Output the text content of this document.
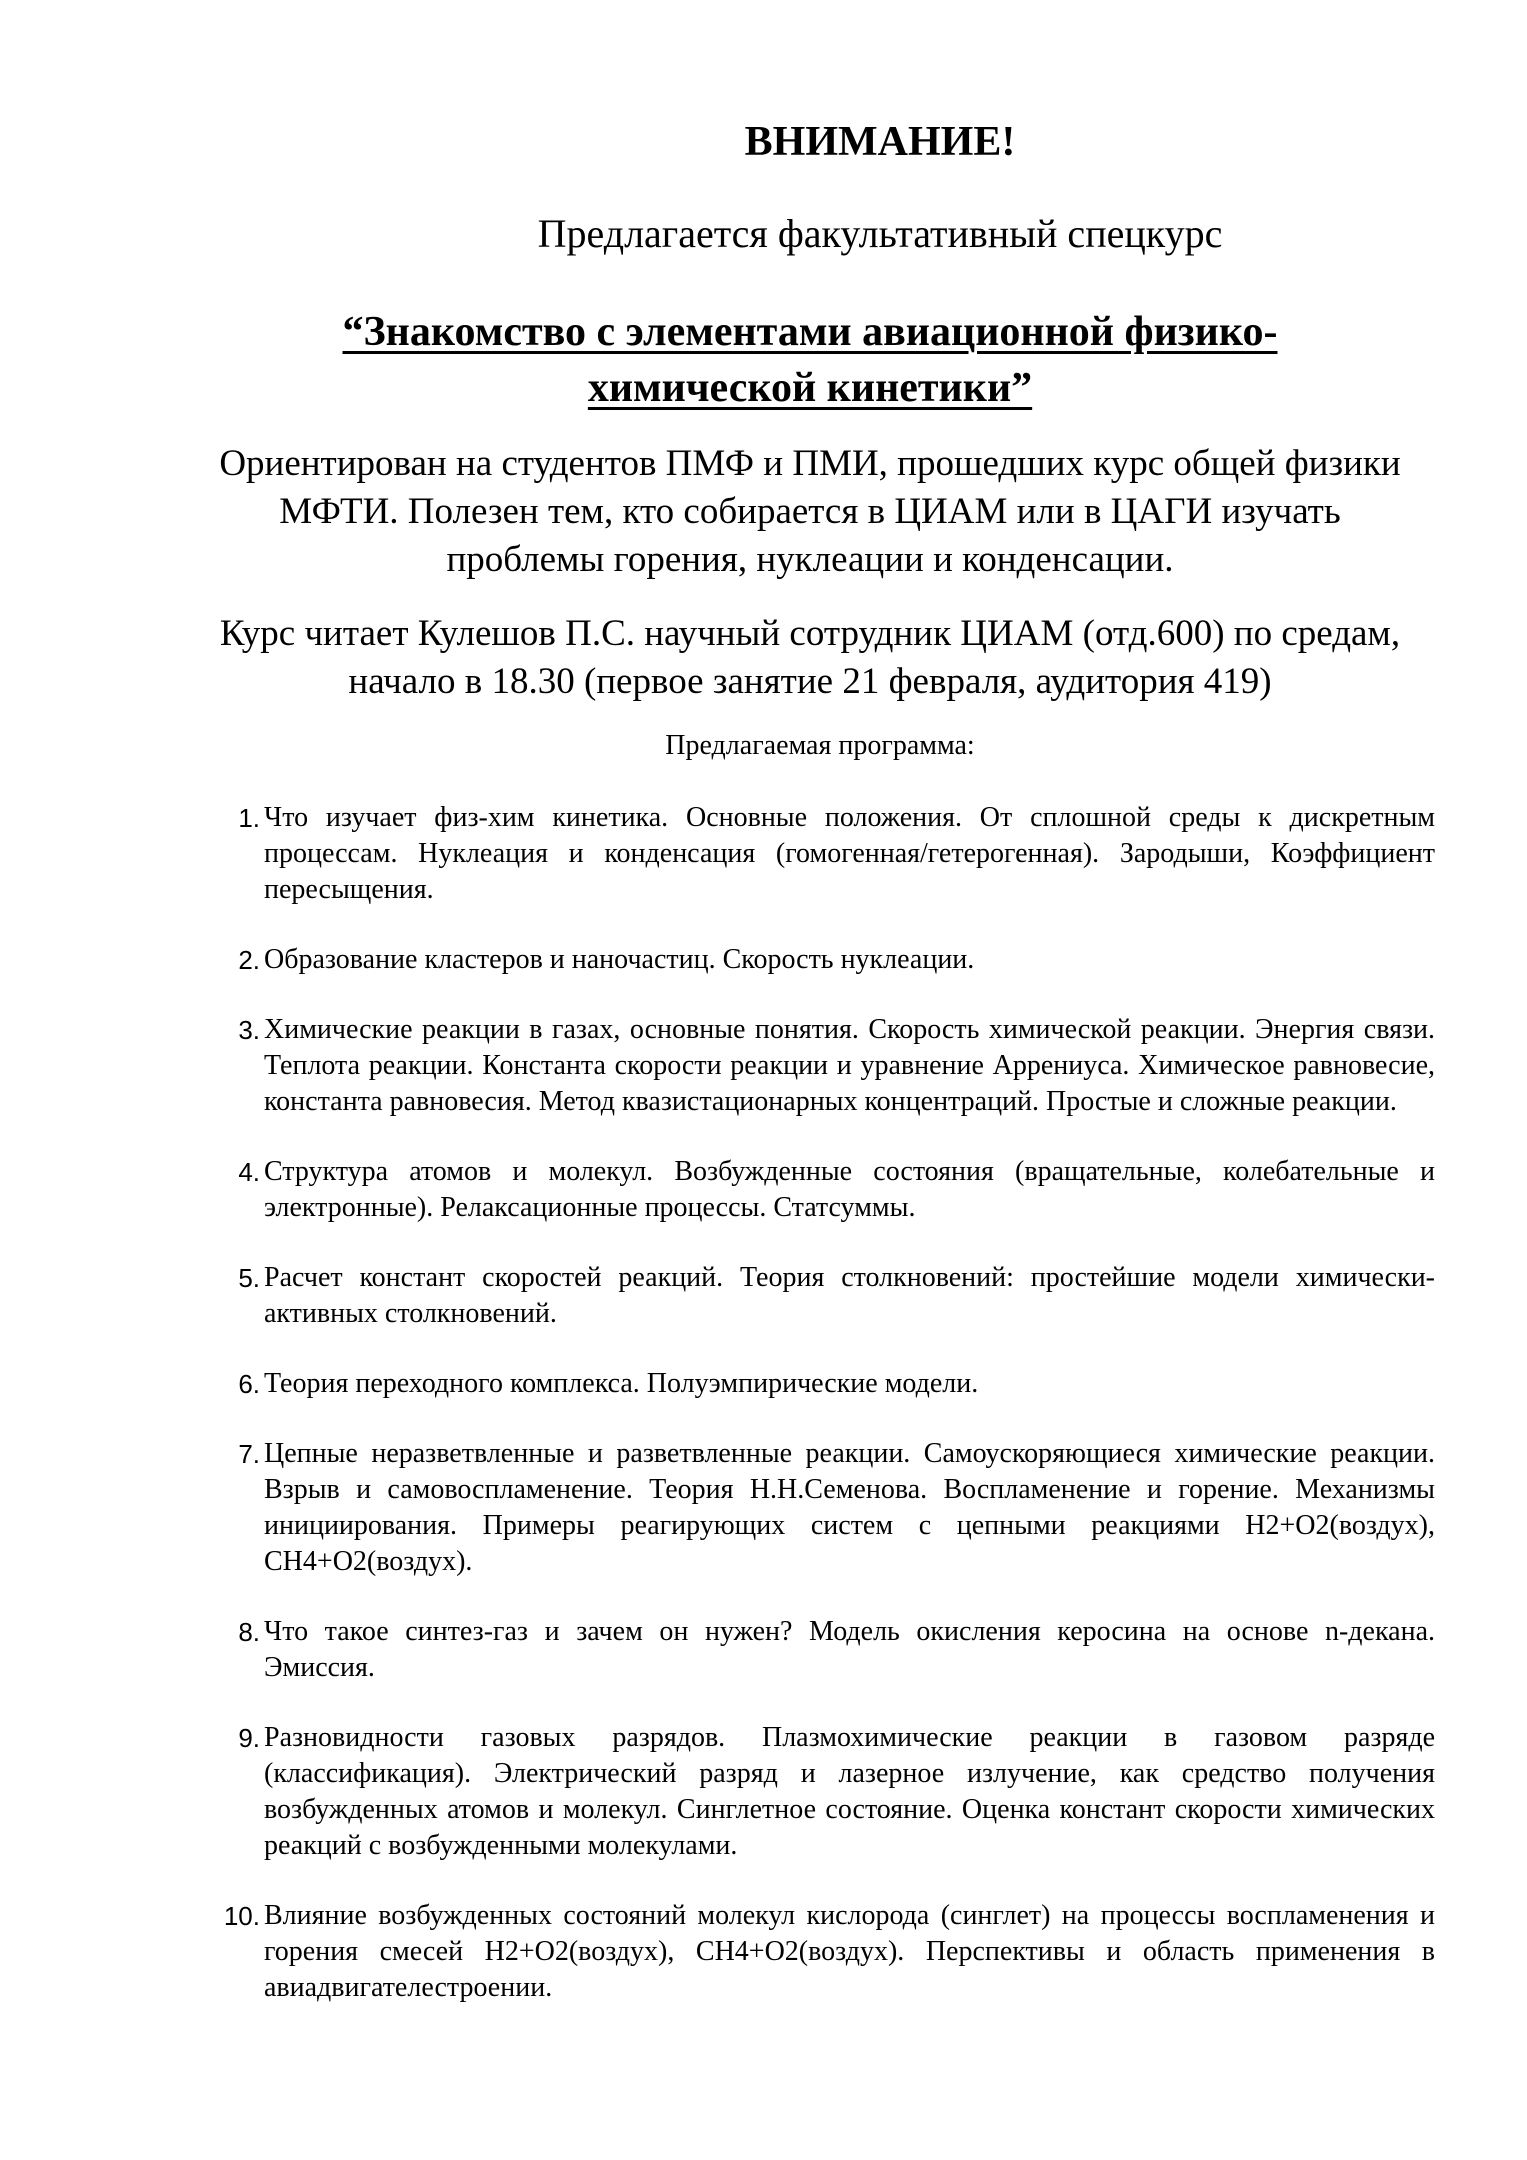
ВНИМАНИЕ!
Предлагается факультативный спецкурс
“Знакомство с элементами авиационной физико-химической кинетики”
Ориентирован на студентов ПМФ и ПМИ, прошедших курс общей физики МФТИ. Полезен тем, кто собирается в ЦИАМ или в ЦАГИ изучать проблемы горения, нуклеации и конденсации.
Курс читает Кулешов П.С. научный сотрудник ЦИАМ (отд.600) по средам, начало в 18.30 (первое занятие 21 февраля, аудитория 419)
Предлагаемая программа:

1. Что изучает физ-хим кинетика. Основные положения. От сплошной среды к дискретным процессам. Нуклеация и конденсация (гомогенная/гетерогенная). Зародыши, Коэффициент пересыщения.

2. Образование кластеров и наночастиц. Скорость нуклеации.

3. Химические реакции в газах, основные понятия. Скорость химической реакции. Энергия связи. Теплота реакции. Константа скорости реакции и уравнение Аррениуса. Химическое равновесие, константа равновесия. Метод квазистационарных концентраций. Простые и сложные реакции.

4. Структура атомов и молекул. Возбужденные состояния (вращательные, колебательные и электронные). Релаксационные процессы. Статсуммы.

5. Расчет констант скоростей реакций. Теория столкновений: простейшие модели химически-активных столкновений.

6. Теория переходного комплекса. Полуэмпирические модели.

7. Цепные неразветвленные и разветвленные реакции. Самоускоряющиеся химические реакции. Взрыв и самовоспламенение. Теория Н.Н.Семенова. Воспламенение и горение. Механизмы инициирования. Примеры реагирующих систем с цепными реакциями H2+O2(воздух), CH4+O2(воздух).

8. Что такое синтез-газ и зачем он нужен? Модель окисления керосина на основе n-декана. Эмиссия.

9. Разновидности газовых разрядов. Плазмохимические реакции в газовом разряде (классификация). Электрический разряд и лазерное излучение, как средство получения возбужденных атомов и молекул. Синглетное состояние. Оценка констант скорости химических реакций с возбужденными молекулами.

10. Влияние возбужденных состояний молекул кислорода (синглет) на процессы воспламенения и горения смесей H2+O2(воздух), CH4+O2(воздух). Перспективы и область применения в авиадвигателестроении.
